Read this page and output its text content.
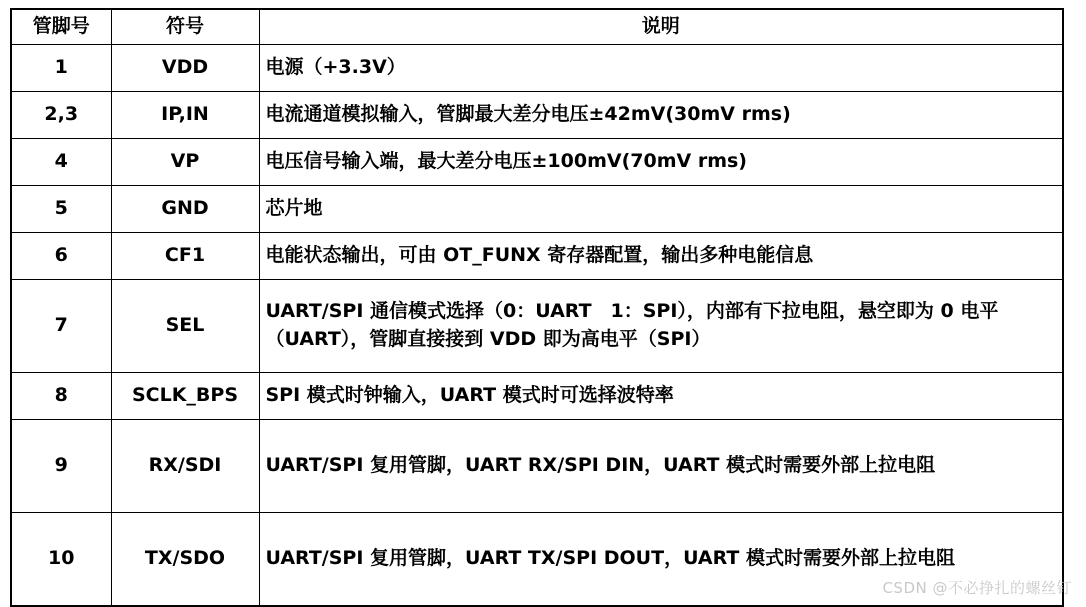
管脚号	符号	说明
1	VDD	电源（+3.3V）
2,3	IP,IN	电流通道模拟输入，管脚最大差分电压±42mV(30mV rms)
4	VP	电压信号输入端，最大差分电压±100mV(70mV rms)
5	GND	芯片地
6	CF1	电能状态输出，可由 OT_FUNX 寄存器配置，输出多种电能信息
7	SEL	UART/SPI 通信模式选择（0：UART　1：SPI），内部有下拉电阻，悬空即为 0 电平（UART），管脚直接接到 VDD 即为高电平（SPI）
8	SCLK_BPS	SPI 模式时钟输入，UART 模式时可选择波特率
9	RX/SDI	UART/SPI 复用管脚，UART RX/SPI DIN，UART 模式时需要外部上拉电阻
10	TX/SDO	UART/SPI 复用管脚，UART TX/SPI DOUT，UART 模式时需要外部上拉电阻
CSDN @不必挣扎的螺丝钉
